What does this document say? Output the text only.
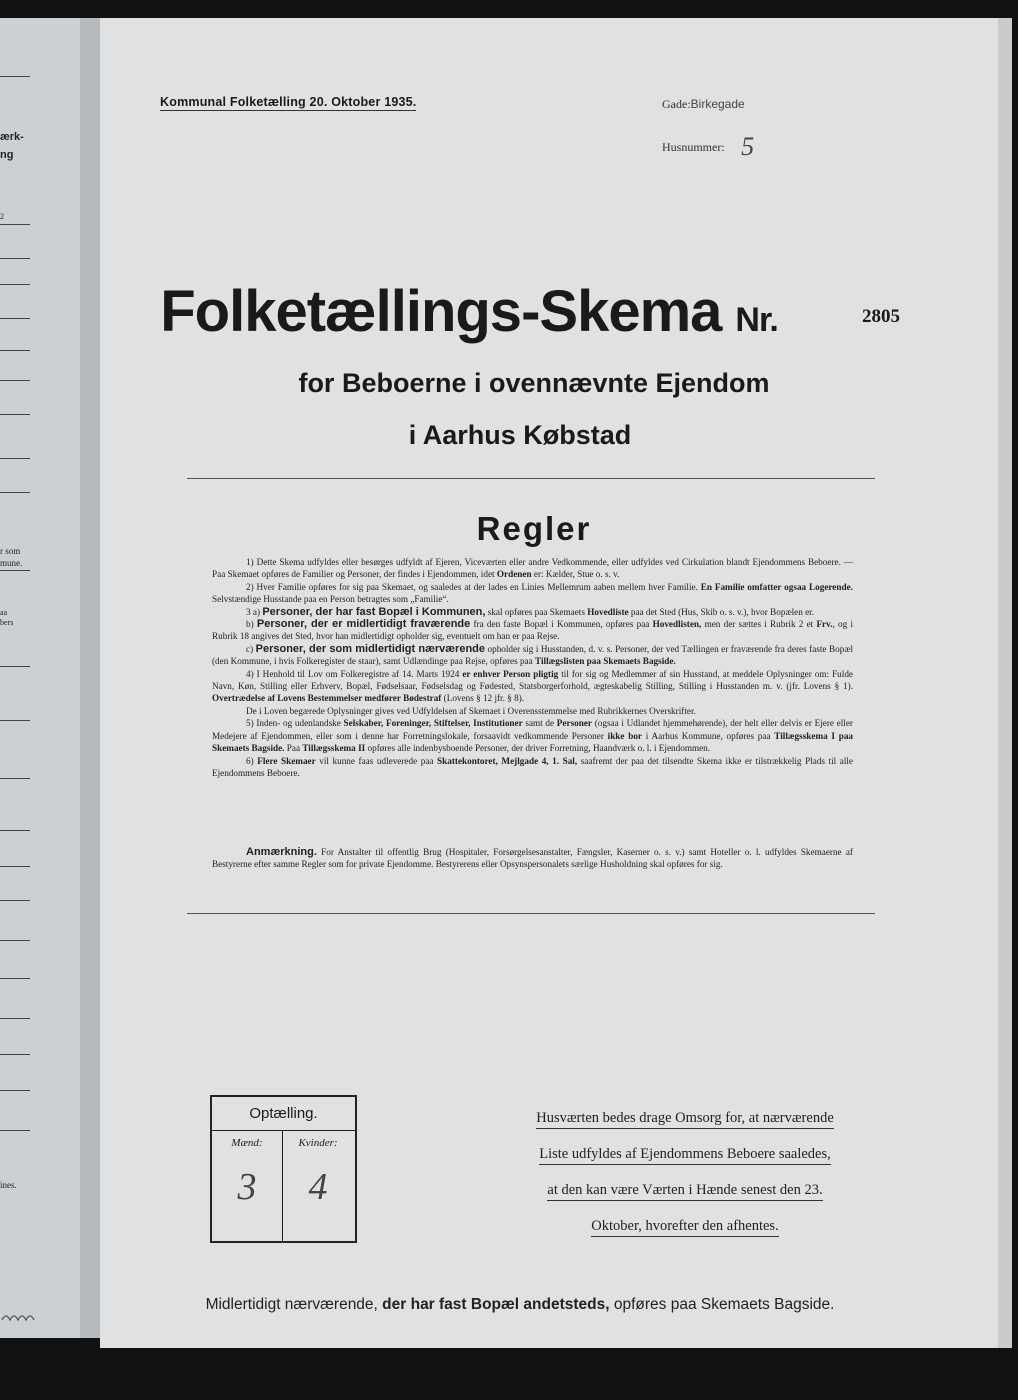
ærk-
ng
2
r som
mune.
aa
bers
ines.
Kommunal Folketælling 20. Oktober 1935.	Gade:Birkegade
Husnummer: 5
Folketællings-Skema Nr.	2805
for Beboerne i ovennævnte Ejendom
i Aarhus Købstad
Regler

1) Dette Skema udfyldes eller besørges udfyldt af Ejeren, Viceværten eller andre Vedkommende, eller udfyldes ved Cirkulation blandt Ejendommens Beboere. — Paa Skemaet opføres de Familier og Personer, der findes i Ejendommen, idet Ordenen er: Kælder, Stue o. s. v.

2) Hver Familie opføres for sig paa Skemaet, og saaledes at der lades en Linies Mellemrum aaben mellem hver Familie. En Familie omfatter ogsaa Logerende. Selvstændige Husstande paa en Person betragtes som „Familie“.

3 a) Personer, der har fast Bopæl i Kommunen, skal opføres paa Skemaets Hovedliste paa det Sted (Hus, Skib o. s. v.), hvor Bopælen er.

b) Personer, der er midlertidigt fraværende fra den faste Bopæl i Kommunen, opføres paa Hovedlisten, men der sættes i Rubrik 2 et Frv., og i Rubrik 18 angives det Sted, hvor han midlertidigt opholder sig, eventuelt om han er paa Rejse.

c) Personer, der som midlertidigt nærværende opholder sig i Husstanden, d. v. s. Personer, der ved Tællingen er fraværende fra deres faste Bopæl (den Kommune, i hvis Folkeregister de staar), samt Udlændinge paa Rejse, opføres paa Tillægslisten paa Skemaets Bagside.

4) I Henhold til Lov om Folkeregistre af 14. Marts 1924 er enhver Person pligtig til for sig og Medlemmer af sin Husstand, at meddele Oplysninger om: Fulde Navn, Køn, Stilling eller Erhverv, Bopæl, Fødselsaar, Fødselsdag og Fødested, Statsborgerforhold, ægteskabelig Stilling, Stilling i Husstanden m. v. (jfr. Lovens § 1). Overtrædelse af Lovens Bestemmelser medfører Bødestraf (Lovens § 12 jfr. § 8).

De i Loven begærede Oplysninger gives ved Udfyldelsen af Skemaet i Overensstemmelse med Rubrikkernes Overskrifter.

5) Inden- og udenlandske Selskaber, Foreninger, Stiftelser, Institutioner samt de Personer (ogsaa i Udlandet hjemmehørende), der helt eller delvis er Ejere eller Medejere af Ejendommen, eller som i denne har Forretningslokale, forsaavidt vedkommende Personer ikke bor i Aarhus Kommune, opføres paa Tillægsskema I paa Skemaets Bagside. Paa Tillægsskema II opføres alle indenbysboende Personer, der driver Forretning, Haandværk o. l. i Ejendommen.

6) Flere Skemaer vil kunne faas udleverede paa Skattekontoret, Mejlgade 4, 1. Sal, saafremt der paa det tilsendte Skema ikke er tilstrækkelig Plads til alle Ejendommens Beboere.

Anmærkning. For Anstalter til offentlig Brug (Hospitaler, Forsørgelsesanstalter, Fængsler, Kaserner o. s. v.) samt Hoteller o. l. udfyldes Skemaerne af Bestyrerne efter samme Regler som for private Ejendomme. Bestyrerens eller Opsynspersonalets særlige Husholdning skal opføres for sig.

Optælling.
Mænd:	Kvinder:
3	4
Husværten bedes drage Omsorg for, at nærværende
Liste udfyldes af Ejendommens Beboere saaledes,
at den kan være Værten i Hænde senest den 23.
Oktober, hvorefter den afhentes.
Midlertidigt nærværende, der har fast Bopæl andetsteds, opføres paa Skemaets Bagside.
